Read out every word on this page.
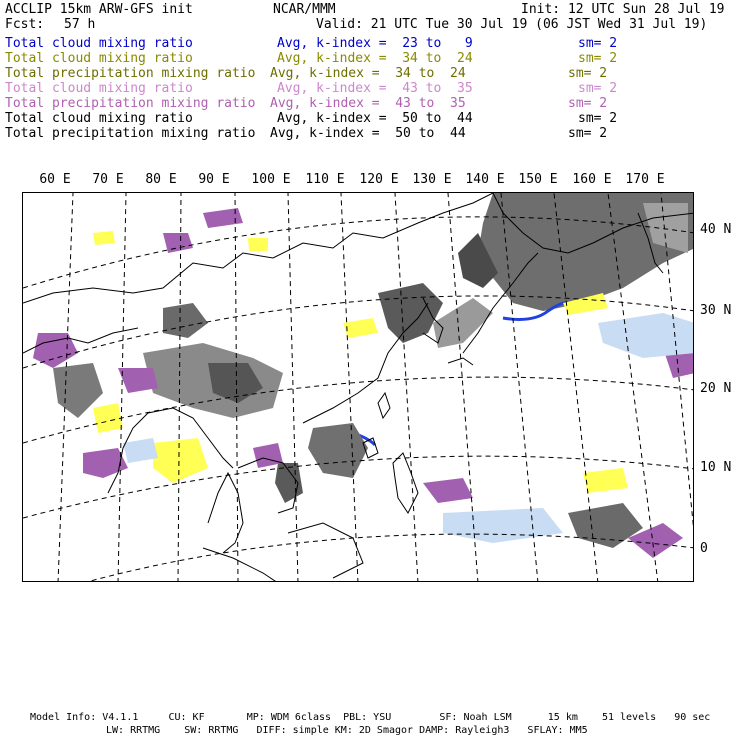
ACCLIP 15km ARW-GFS init	NCAR/MMM	Init: 12 UTC Sun 28 Jul 19
Fcst: 57 h	Valid: 21 UTC Tue 30 Jul 19 (06 JST Wed 31 Jul 19)

Total cloud mixing ratio

	Avg, k-index =  23 to   9

	sm= 2

Total cloud mixing ratio

	Avg, k-index =  34 to  24

	sm= 2

Total precipitation mixing ratio

Avg, k-index =  34 to  24

	sm= 2

Total cloud mixing ratio

	Avg, k-index =  43 to  35

	sm= 2

Total precipitation mixing ratio

Avg, k-index =  43 to  35

	sm= 2

Total cloud mixing ratio

	Avg, k-index =  50 to  44

	sm= 2

Total precipitation mixing ratio

Avg, k-index =  50 to  44

	sm= 2

60 E 70 E 80 E 90 E 100 E 110 E 120 E 130 E 140 E 150 E 160 E 170 E
40 N
30 N
20 N
10 N
0
Model Info: V4.1.1     CU: KF       MP: WDM 6class  PBL: YSU        SF: Noah LSM      15 km    51 levels   90 sec
LW: RRTMG    SW: RRTMG   DIFF: simple KM: 2D Smagor DAMP: Rayleigh3   SFLAY: MM5
